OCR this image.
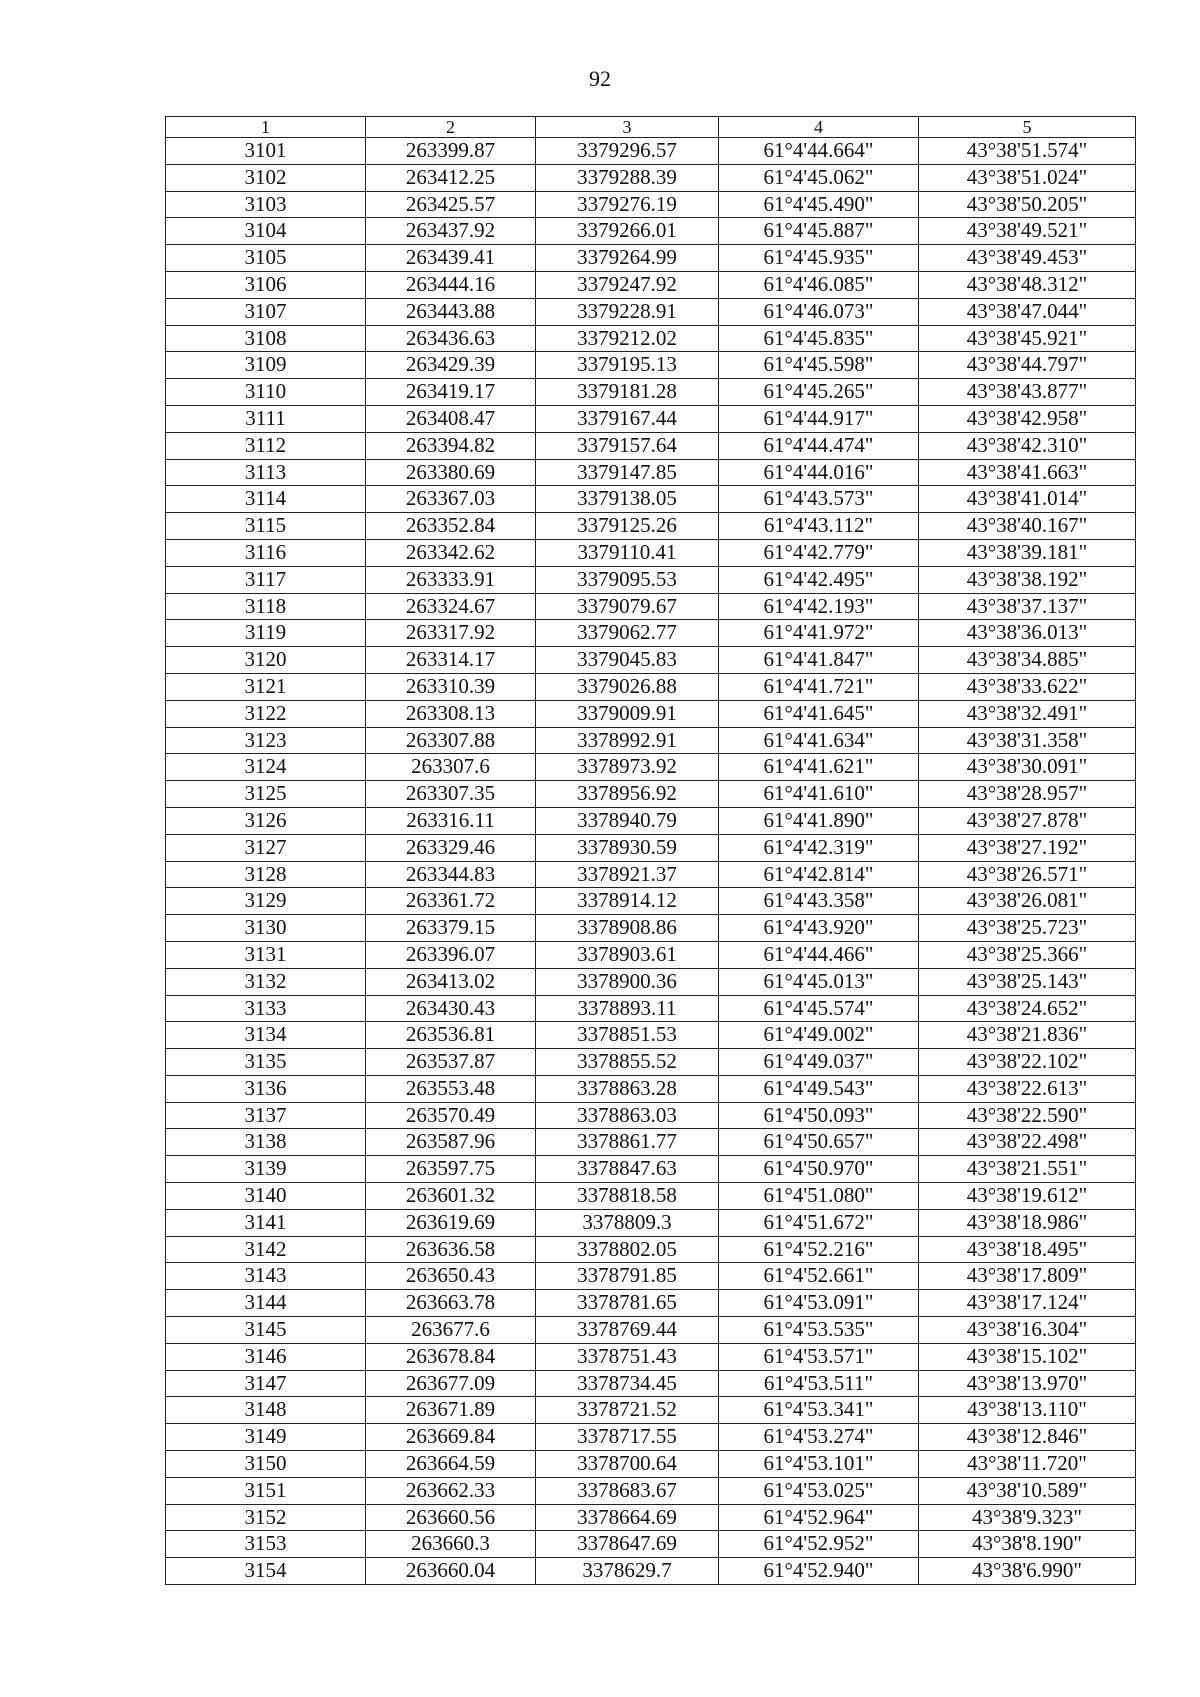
92
1	2	3	4	5
3101	263399.87	3379296.57	61°4'44.664"	43°38'51.574"
3102	263412.25	3379288.39	61°4'45.062"	43°38'51.024"
3103	263425.57	3379276.19	61°4'45.490"	43°38'50.205"
3104	263437.92	3379266.01	61°4'45.887"	43°38'49.521"
3105	263439.41	3379264.99	61°4'45.935"	43°38'49.453"
3106	263444.16	3379247.92	61°4'46.085"	43°38'48.312"
3107	263443.88	3379228.91	61°4'46.073"	43°38'47.044"
3108	263436.63	3379212.02	61°4'45.835"	43°38'45.921"
3109	263429.39	3379195.13	61°4'45.598"	43°38'44.797"
3110	263419.17	3379181.28	61°4'45.265"	43°38'43.877"
3111	263408.47	3379167.44	61°4'44.917"	43°38'42.958"
3112	263394.82	3379157.64	61°4'44.474"	43°38'42.310"
3113	263380.69	3379147.85	61°4'44.016"	43°38'41.663"
3114	263367.03	3379138.05	61°4'43.573"	43°38'41.014"
3115	263352.84	3379125.26	61°4'43.112"	43°38'40.167"
3116	263342.62	3379110.41	61°4'42.779"	43°38'39.181"
3117	263333.91	3379095.53	61°4'42.495"	43°38'38.192"
3118	263324.67	3379079.67	61°4'42.193"	43°38'37.137"
3119	263317.92	3379062.77	61°4'41.972"	43°38'36.013"
3120	263314.17	3379045.83	61°4'41.847"	43°38'34.885"
3121	263310.39	3379026.88	61°4'41.721"	43°38'33.622"
3122	263308.13	3379009.91	61°4'41.645"	43°38'32.491"
3123	263307.88	3378992.91	61°4'41.634"	43°38'31.358"
3124	263307.6	3378973.92	61°4'41.621"	43°38'30.091"
3125	263307.35	3378956.92	61°4'41.610"	43°38'28.957"
3126	263316.11	3378940.79	61°4'41.890"	43°38'27.878"
3127	263329.46	3378930.59	61°4'42.319"	43°38'27.192"
3128	263344.83	3378921.37	61°4'42.814"	43°38'26.571"
3129	263361.72	3378914.12	61°4'43.358"	43°38'26.081"
3130	263379.15	3378908.86	61°4'43.920"	43°38'25.723"
3131	263396.07	3378903.61	61°4'44.466"	43°38'25.366"
3132	263413.02	3378900.36	61°4'45.013"	43°38'25.143"
3133	263430.43	3378893.11	61°4'45.574"	43°38'24.652"
3134	263536.81	3378851.53	61°4'49.002"	43°38'21.836"
3135	263537.87	3378855.52	61°4'49.037"	43°38'22.102"
3136	263553.48	3378863.28	61°4'49.543"	43°38'22.613"
3137	263570.49	3378863.03	61°4'50.093"	43°38'22.590"
3138	263587.96	3378861.77	61°4'50.657"	43°38'22.498"
3139	263597.75	3378847.63	61°4'50.970"	43°38'21.551"
3140	263601.32	3378818.58	61°4'51.080"	43°38'19.612"
3141	263619.69	3378809.3	61°4'51.672"	43°38'18.986"
3142	263636.58	3378802.05	61°4'52.216"	43°38'18.495"
3143	263650.43	3378791.85	61°4'52.661"	43°38'17.809"
3144	263663.78	3378781.65	61°4'53.091"	43°38'17.124"
3145	263677.6	3378769.44	61°4'53.535"	43°38'16.304"
3146	263678.84	3378751.43	61°4'53.571"	43°38'15.102"
3147	263677.09	3378734.45	61°4'53.511"	43°38'13.970"
3148	263671.89	3378721.52	61°4'53.341"	43°38'13.110"
3149	263669.84	3378717.55	61°4'53.274"	43°38'12.846"
3150	263664.59	3378700.64	61°4'53.101"	43°38'11.720"
3151	263662.33	3378683.67	61°4'53.025"	43°38'10.589"
3152	263660.56	3378664.69	61°4'52.964"	43°38'9.323"
3153	263660.3	3378647.69	61°4'52.952"	43°38'8.190"
3154	263660.04	3378629.7	61°4'52.940"	43°38'6.990"
